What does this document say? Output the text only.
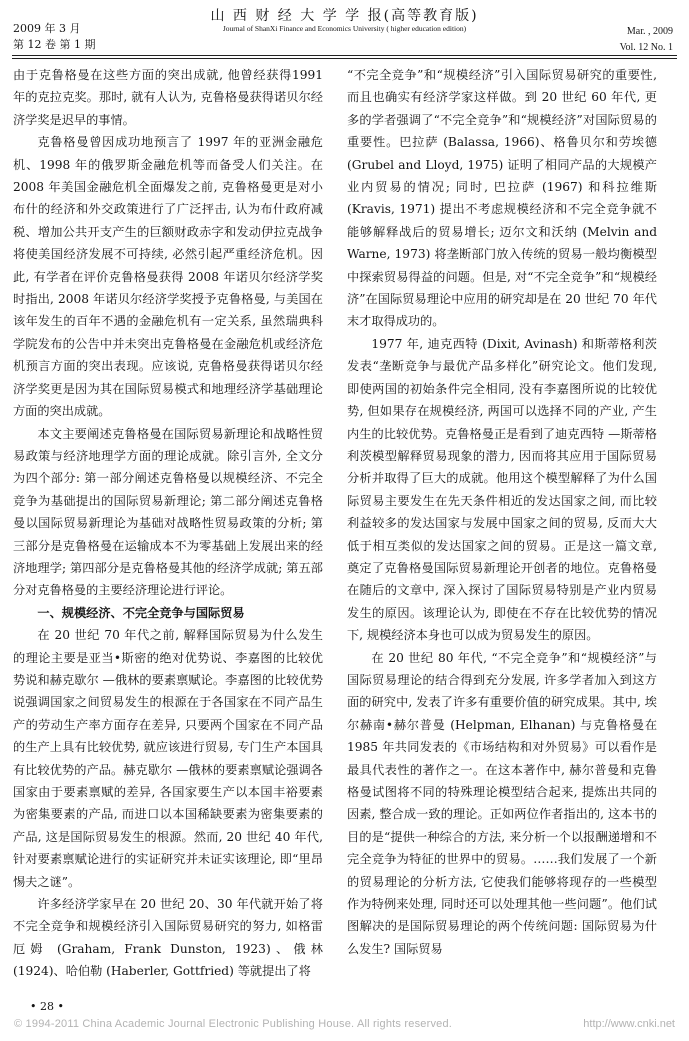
2009 年 3 月
第 12 卷 第 1 期
山 西 财 经 大 学 学 报(高等教育版)
Journal of ShanXi Finance and Economics University ( higher education edition)	Mar. , 2009
Vol. 12 No. 1

由于克鲁格曼在这些方面的突出成就, 他曾经获得1991 年的克拉克奖。那时, 就有人认为, 克鲁格曼获得诺贝尔经济学奖是迟早的事情。

克鲁格曼曾因成功地预言了 1997 年的亚洲金融危机、1998 年的俄罗斯金融危机等而备受人们关注。在 2008 年美国金融危机全面爆发之前, 克鲁格曼更是对小布什的经济和外交政策进行了广泛抨击, 认为布什政府减税、增加公共开支产生的巨额财政赤字和发动伊拉克战争将使美国经济发展不可持续, 必然引起严重经济危机。因此, 有学者在评价克鲁格曼获得 2008 年诺贝尔经济学奖时指出, 2008 年诺贝尔经济学奖授予克鲁格曼, 与美国在该年发生的百年不遇的金融危机有一定关系, 虽然瑞典科学院发布的公告中并未突出克鲁格曼在金融危机或经济危机预言方面的突出表现。应该说, 克鲁格曼获得诺贝尔经济学奖更是因为其在国际贸易模式和地理经济学基础理论方面的突出成就。

本文主要阐述克鲁格曼在国际贸易新理论和战略性贸易政策与经济地理学方面的理论成就。除引言外, 全文分为四个部分: 第一部分阐述克鲁格曼以规模经济、不完全竞争为基础提出的国际贸易新理论; 第二部分阐述克鲁格曼以国际贸易新理论为基础对战略性贸易政策的分析; 第三部分是克鲁格曼在运输成本不为零基础上发展出来的经济地理学; 第四部分是克鲁格曼其他的经济学成就; 第五部分对克鲁格曼的主要经济理论进行评论。

一、规模经济、不完全竞争与国际贸易

在 20 世纪 70 年代之前, 解释国际贸易为什么发生的理论主要是亚当•斯密的绝对优势说、李嘉图的比较优势说和赫克歇尔 —俄林的要素禀赋论。李嘉图的比较优势说强调国家之间贸易发生的根源在于各国家在不同产品生产的劳动生产率方面存在差异, 只要两个国家在不同产品的生产上具有比较优势, 就应该进行贸易, 专门生产本国具有比较优势的产品。赫克歇尔 —俄林的要素禀赋论强调各国家由于要素禀赋的差异, 各国家要生产以本国丰裕要素为密集要素的产品, 而进口以本国稀缺要素为密集要素的产品, 这是国际贸易发生的根源。然而, 20 世纪 40 年代, 针对要素禀赋论进行的实证研究并未证实该理论, 即“里昂惕夫之谜”。

许多经济学家早在 20 世纪 20、30 年代就开始了将不完全竞争和规模经济引入国际贸易研究的努力, 如格雷厄姆 (Graham, Frank Dunston, 1923)、俄林 (1924)、哈伯勒 (Haberler, Gottfried) 等就提出了将

“不完全竞争”和“规模经济”引入国际贸易研究的重要性, 而且也确实有经济学家这样做。到 20 世纪 60 年代, 更多的学者强调了“不完全竞争”和“规模经济”对国际贸易的重要性。巴拉萨 (Balassa, 1966)、格鲁贝尔和劳埃德 (Grubel and Lloyd, 1975) 证明了相同产品的大规模产业内贸易的情况; 同时, 巴拉萨 (1967) 和科拉维斯 (Kravis, 1971) 提出不考虑规模经济和不完全竞争就不能够解释战后的贸易增长; 迈尔文和沃纳 (Melvin and Warne, 1973) 将垄断部门放入传统的贸易一般均衡模型中探索贸易得益的问题。但是, 对“不完全竞争”和“规模经济”在国际贸易理论中应用的研究却是在 20 世纪 70 年代末才取得成功的。

1977 年, 迪克西特 (Dixit, Avinash) 和斯蒂格利茨发表“垄断竞争与最优产品多样化”研究论文。他们发现, 即使两国的初始条件完全相同, 没有李嘉图所说的比较优势, 但如果存在规模经济, 两国可以选择不同的产业, 产生内生的比较优势。克鲁格曼正是看到了迪克西特 —斯蒂格利茨模型解释贸易现象的潜力, 因而将其应用于国际贸易分析并取得了巨大的成就。他用这个模型解释了为什么国际贸易主要发生在先天条件相近的发达国家之间, 而比较利益较多的发达国家与发展中国家之间的贸易, 反而大大低于相互类似的发达国家之间的贸易。正是这一篇文章, 奠定了克鲁格曼国际贸易新理论开创者的地位。克鲁格曼在随后的文章中, 深入探讨了国际贸易特别是产业内贸易发生的原因。该理论认为, 即使在不存在比较优势的情况下, 规模经济本身也可以成为贸易发生的原因。

在 20 世纪 80 年代, “不完全竞争”和“规模经济”与国际贸易理论的结合得到充分发展, 许多学者加入到这方面的研究中, 发表了许多有重要价值的研究成果。其中, 埃尔赫南•赫尔普曼 (Helpman, Elhanan) 与克鲁格曼在 1985 年共同发表的《市场结构和对外贸易》可以看作是最具代表性的著作之一。在这本著作中, 赫尔普曼和克鲁格曼试图将不同的特殊理论模型结合起来, 提炼出共同的因素, 整合成一致的理论。正如两位作者指出的, 这本书的目的是“提供一种综合的方法, 来分析一个以报酬递增和不完全竞争为特征的世界中的贸易。……我们发展了一个新的贸易理论的分析方法, 它使我们能够将现存的一些模型作为特例来处理, 同时还可以处理其他一些问题”。他们试图解决的是国际贸易理论的两个传统问题: 国际贸易为什么发生? 国际贸易

• 28 •
© 1994-2011 China Academic Journal Electronic Publishing House. All rights reserved.	http://www.cnki.net
